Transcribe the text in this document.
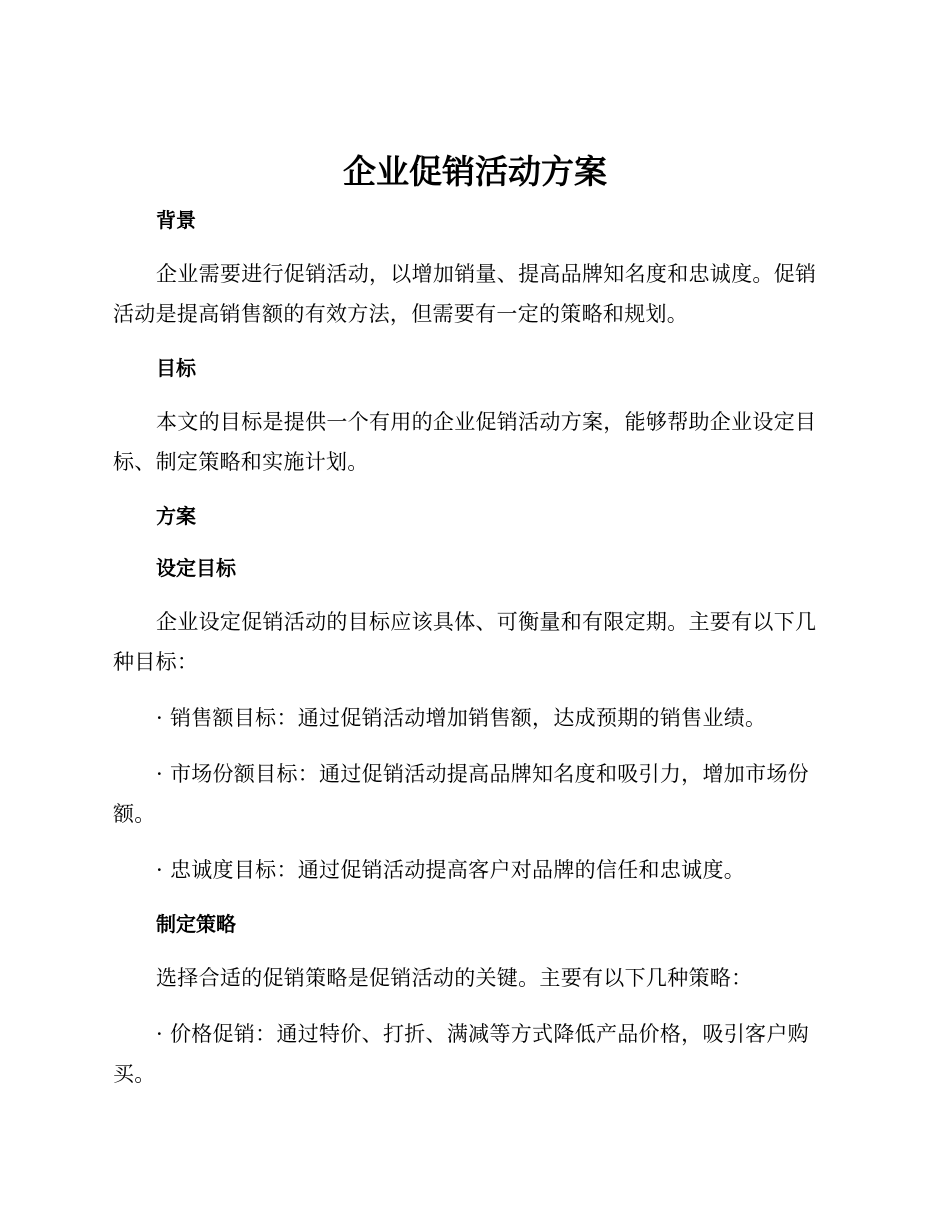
企业促销活动方案
背景

企业需要进行促销活动，以增加销量、提高品牌知名度和忠诚度。促销活动是提高销售额的有效方法，但需要有一定的策略和规划。

目标

本文的目标是提供一个有用的企业促销活动方案，能够帮助企业设定目标、制定策略和实施计划。

方案
设定目标

企业设定促销活动的目标应该具体、可衡量和有限定期。主要有以下几种目标：

· 销售额目标：通过促销活动增加销售额，达成预期的销售业绩。

· 市场份额目标：通过促销活动提高品牌知名度和吸引力，增加市场份额。

· 忠诚度目标：通过促销活动提高客户对品牌的信任和忠诚度。

制定策略

选择合适的促销策略是促销活动的关键。主要有以下几种策略：

· 价格促销：通过特价、打折、满减等方式降低产品价格，吸引客户购买。
